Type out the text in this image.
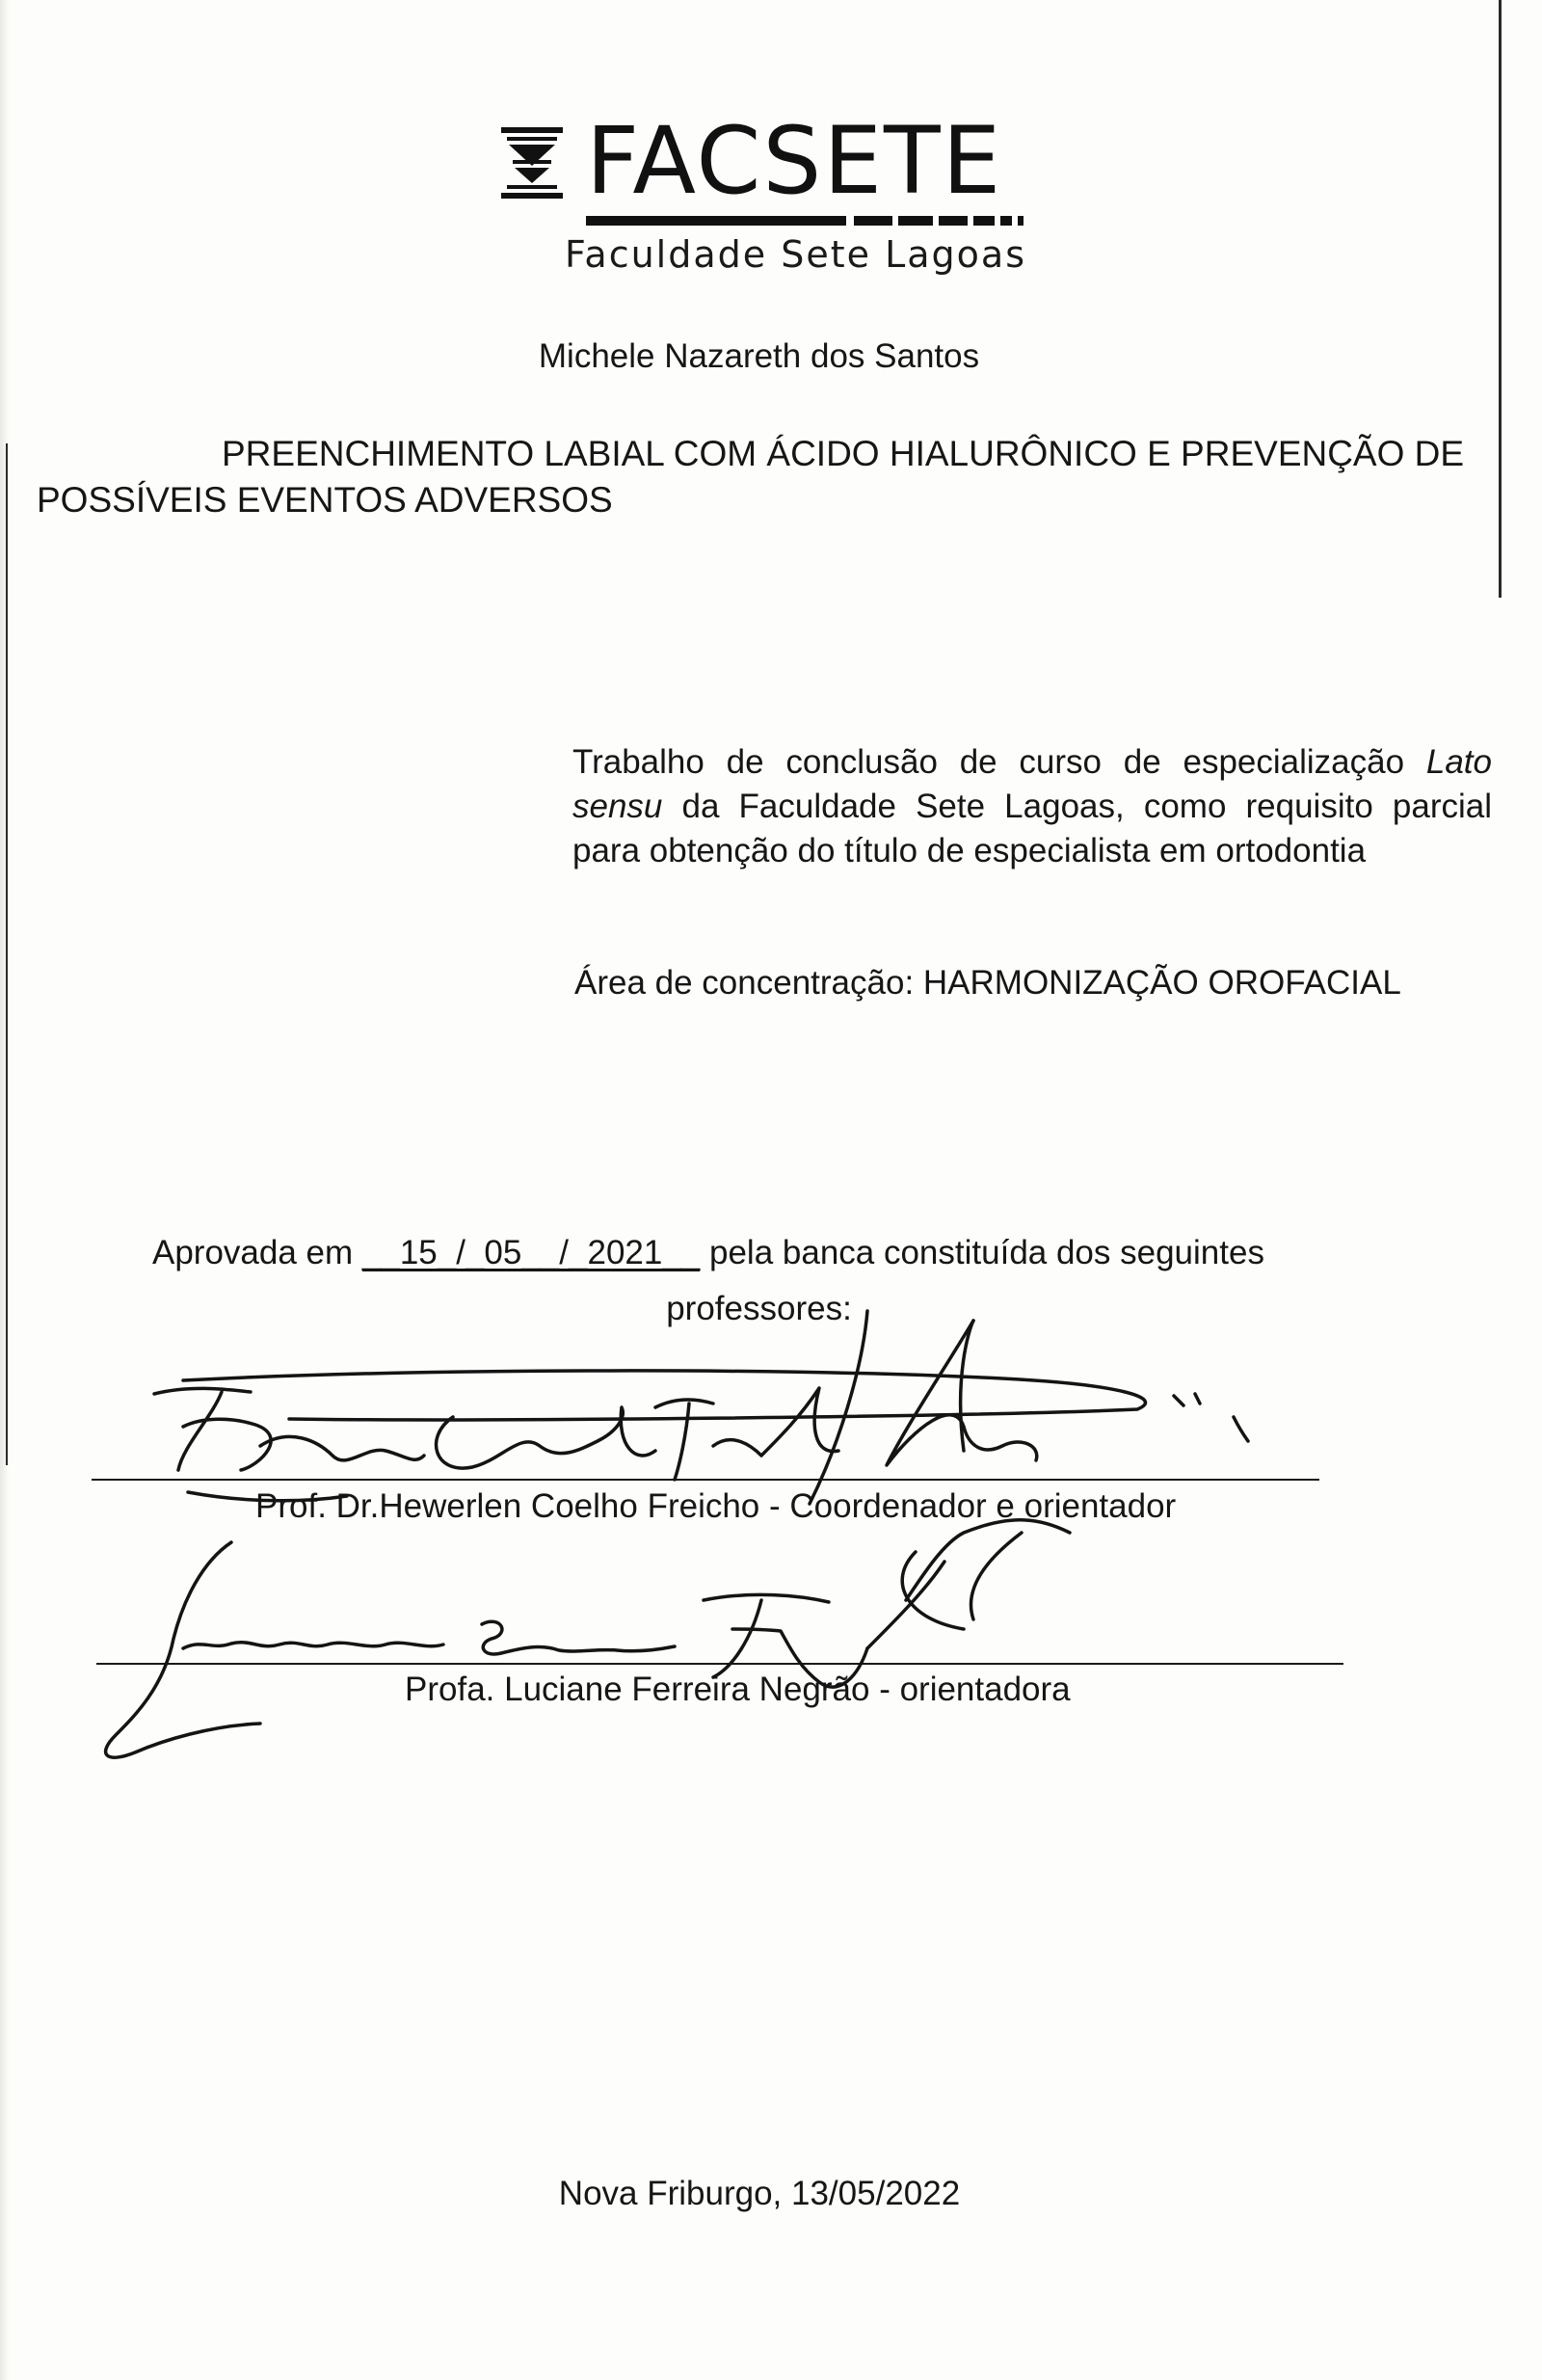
FACSETE
Faculdade Sete Lagoas
Michele Nazareth dos Santos
PREENCHIMENTO LABIAL COM ÁCIDO HIALURÔNICO E PREVENÇÃO DE POSSÍVEIS EVENTOS ADVERSOS
Trabalho de conclusão de curso de especialização Lato sensu da Faculdade Sete Lagoas, como requisito parcial para obtenção do título de especialista em ortodontia
Área de concentração: HARMONIZAÇÃO OROFACIAL
Aprovada em __15_/_05__/_2021__ pela banca constituída dos seguintes
professores:
Prof. Dr.Hewerlen Coelho Freicho - Coordenador e orientador
Profa. Luciane Ferreira Negrão - orientadora
Nova Friburgo, 13/05/2022
